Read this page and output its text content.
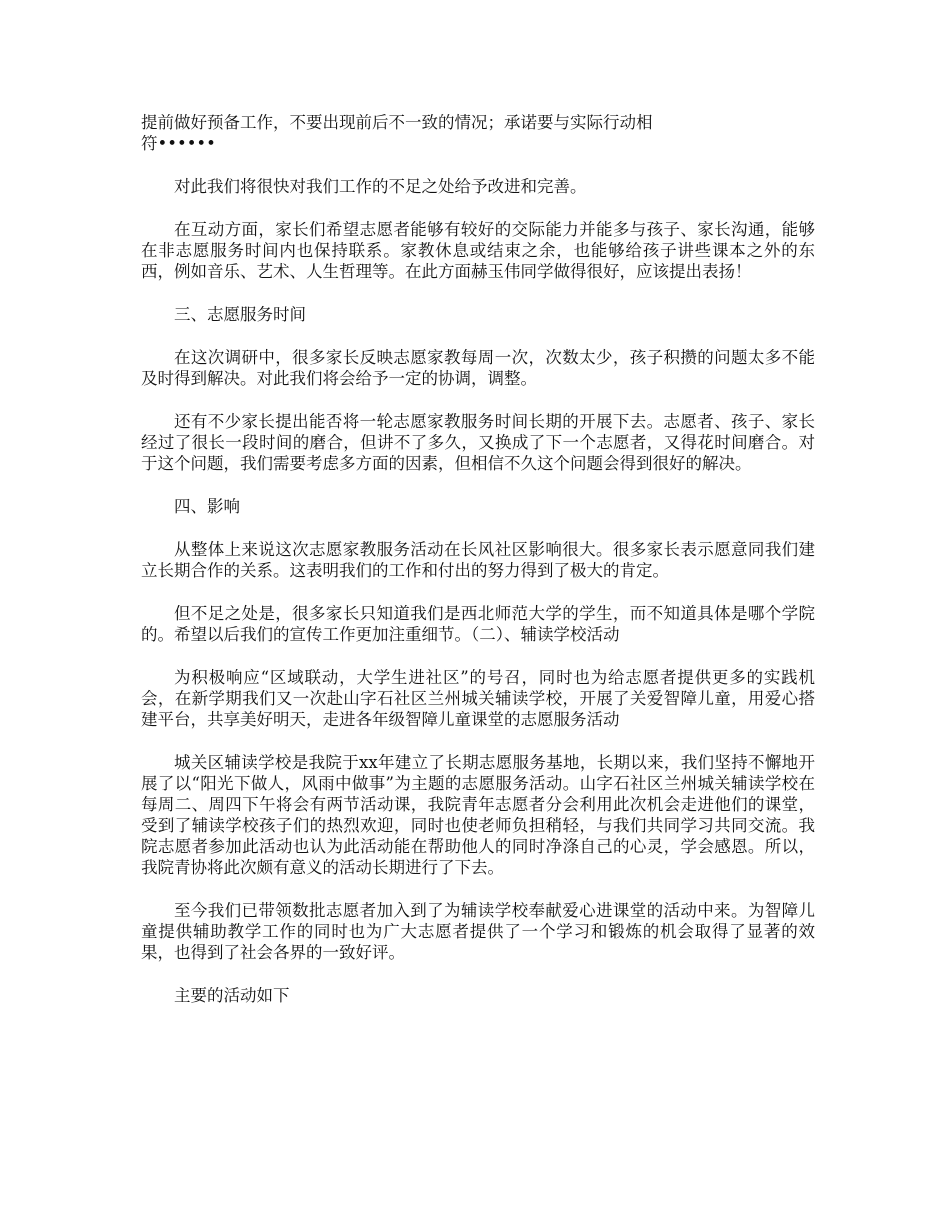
提前做好预备工作，不要出现前后不一致的情况；承诺要与实际行动相
符••••••

对此我们将很快对我们工作的不足之处给予改进和完善。

在互动方面，家长们希望志愿者能够有较好的交际能力并能多与孩子、家长沟通，能够在非志愿服务时间内也保持联系。家教休息或结束之余，也能够给孩子讲些课本之外的东西，例如音乐、艺术、人生哲理等。在此方面赫玉伟同学做得很好，应该提出表扬！

三、志愿服务时间

在这次调研中，很多家长反映志愿家教每周一次，次数太少，孩子积攒的问题太多不能及时得到解决。对此我们将会给予一定的协调，调整。

还有不少家长提出能否将一轮志愿家教服务时间长期的开展下去。志愿者、孩子、家长经过了很长一段时间的磨合，但讲不了多久，又换成了下一个志愿者，又得花时间磨合。对于这个问题，我们需要考虑多方面的因素，但相信不久这个问题会得到很好的解决。

四、影响

从整体上来说这次志愿家教服务活动在长风社区影响很大。很多家长表示愿意同我们建立长期合作的关系。这表明我们的工作和付出的努力得到了极大的肯定。

但不足之处是，很多家长只知道我们是西北师范大学的学生，而不知道具体是哪个学院的。希望以后我们的宣传工作更加注重细节。（二）、辅读学校活动

为积极响应“区域联动，大学生进社区”的号召，同时也为给志愿者提供更多的实践机会，在新学期我们又一次赴山字石社区兰州城关辅读学校，开展了关爱智障儿童，用爱心搭建平台，共享美好明天，走进各年级智障儿童课堂的志愿服务活动

城关区辅读学校是我院于xx年建立了长期志愿服务基地，长期以来，我们坚持不懈地开展了以“阳光下做人，风雨中做事”为主题的志愿服务活动。山字石社区兰州城关辅读学校在每周二、周四下午将会有两节活动课，我院青年志愿者分会利用此次机会走进他们的课堂，受到了辅读学校孩子们的热烈欢迎，同时也使老师负担稍轻，与我们共同学习共同交流。我院志愿者参加此活动也认为此活动能在帮助他人的同时净涤自己的心灵，学会感恩。所以，我院青协将此次颇有意义的活动长期进行了下去。

至今我们已带领数批志愿者加入到了为辅读学校奉献爱心进课堂的活动中来。为智障儿童提供辅助教学工作的同时也为广大志愿者提供了一个学习和锻炼的机会取得了显著的效果，也得到了社会各界的一致好评。

主要的活动如下
